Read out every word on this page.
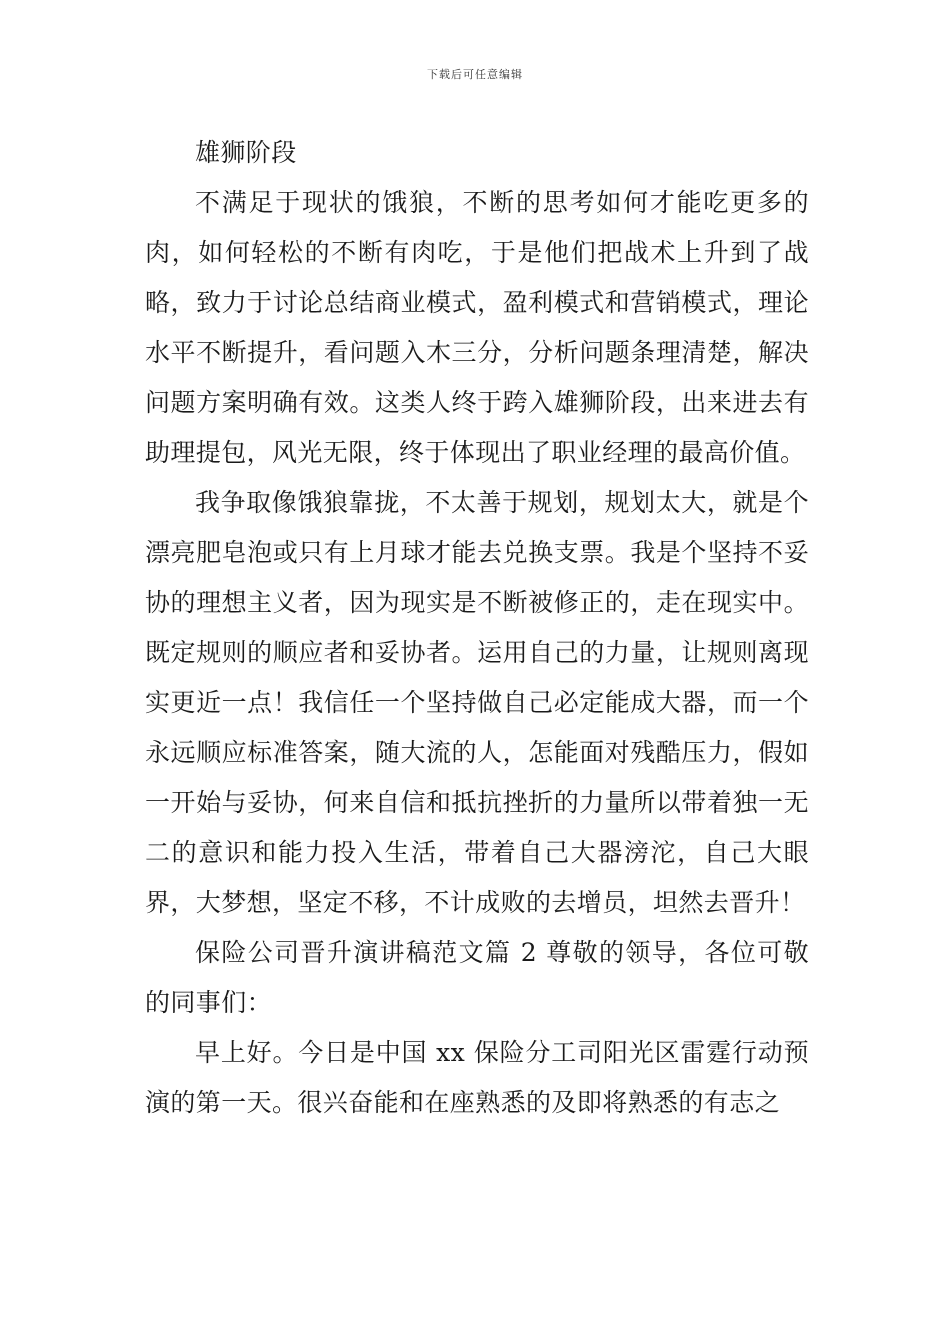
下载后可任意编辑

雄狮阶段

不满足于现状的饿狼，不断的思考如何才能吃更多的肉，如何轻松的不断有肉吃，于是他们把战术上升到了战略，致力于讨论总结商业模式，盈利模式和营销模式，理论水平不断提升，看问题入木三分，分析问题条理清楚，解决问题方案明确有效。这类人终于跨入雄狮阶段，出来进去有助理提包，风光无限，终于体现出了职业经理的最高价值。

我争取像饿狼靠拢，不太善于规划，规划太大，就是个漂亮肥皂泡或只有上月球才能去兑换支票。我是个坚持不妥协的理想主义者，因为现实是不断被修正的，走在现实中。既定规则的顺应者和妥协者。运用自己的力量，让规则离现实更近一点！我信任一个坚持做自己必定能成大器，而一个永远顺应标准答案，随大流的人，怎能面对残酷压力，假如一开始与妥协，何来自信和抵抗挫折的力量所以带着独一无二的意识和能力投入生活，带着自己大器滂沱，自己大眼界，大梦想，坚定不移，不计成败的去增员，坦然去晋升！

保险公司晋升演讲稿范文篇 2 尊敬的领导，各位可敬的同事们：

早上好。今日是中国 xx 保险分工司阳光区雷霆行动预演的第一天。很兴奋能和在座熟悉的及即将熟悉的有志之
